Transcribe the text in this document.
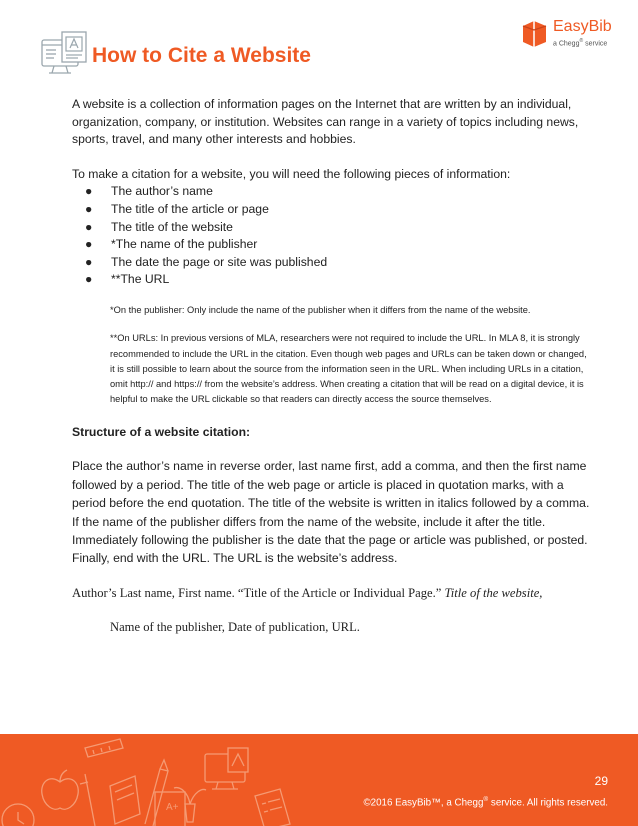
How to Cite a Website
EasyBib
a Chegg® service

A website is a collection of information pages on the Internet that are written by an individual, organization, company, or institution. Websites can range in a variety of topics including news, sports, travel, and many other interests and hobbies.

To make a citation for a website, you will need the following pieces of information:

● The author’s name
● The title of the article or page
● The title of the website
● *The name of the publisher
● The date the page or site was published
● **The URL

*On the publisher: Only include the name of the publisher when it differs from the name of the website.

**On URLs: In previous versions of MLA, researchers were not required to include the URL. In MLA 8, it is strongly recommended to include the URL in the citation. Even though web pages and URLs can be taken down or changed, it is still possible to learn about the source from the information seen in the URL. When including URLs in a citation, omit http:// and https:// from the website’s address. When creating a citation that will be read on a digital device, it is helpful to make the URL clickable so that readers can directly access the source themselves.

Structure of a website citation:

Place the author’s name in reverse order, last name first, add a comma, and then the first name followed by a period. The title of the web page or article is placed in quotation marks, with a period before the end quotation. The title of the website is written in italics followed by a comma. If the name of the publisher differs from the name of the website, include it after the title. Immediately following the publisher is the date that the page or article was published, or posted. Finally, end with the URL. The URL is the website’s address.

Author’s Last name, First name. “Title of the Article or Individual Page.” Title of the website,

Name of the publisher, Date of publication, URL.

A+
29
©2016 EasyBib™, a Chegg® service. All rights reserved.
